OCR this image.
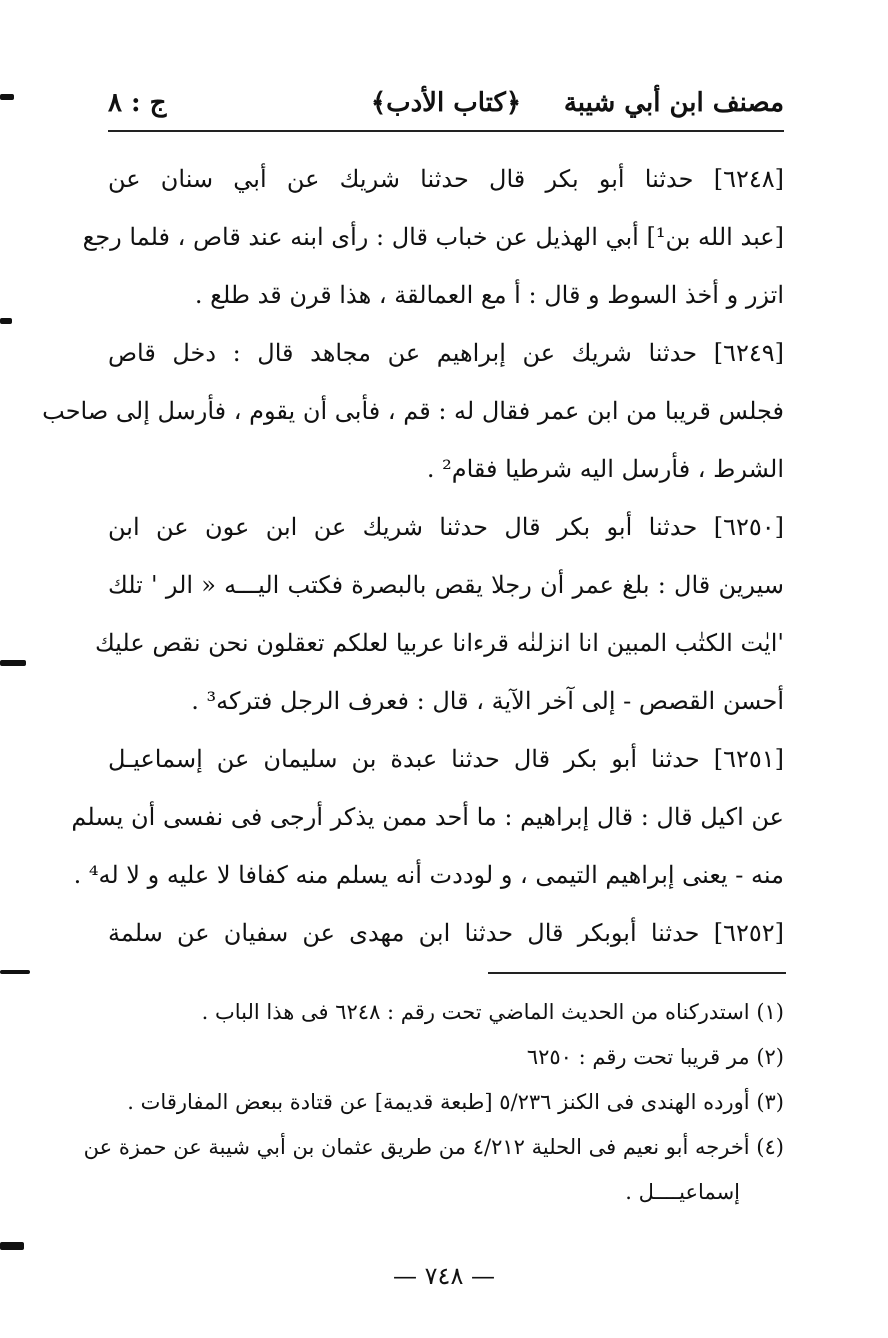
مصنف ابن أبي شيبة
﴿كتاب الأدب﴾
ج : ٨
[٦٢٤٨] حدثنا أبو بكر قال حدثنا شريك عن أبي سنان عن
[عبد الله بن¹] أبي الهذيل عن خباب قال : رأى ابنه عند قاص ، فلما رجع
اتزر و أخذ السوط و قال : أ مع العمالقة ، هذا قرن قد طلع .
[٦٢٤٩] حدثنا شريك عن إبراهيم عن مجاهد قال : دخل قاص
فجلس قريبا من ابن عمر فقال له : قم ، فأبى أن يقوم ، فأرسل إلى صاحب
الشرط ، فأرسل اليه شرطيا فقام² .
[٦٢٥٠] حدثنا أبو بكر قال حدثنا شريك عن ابن عون عن ابن
سيرين قال : بلغ عمر أن رجلا يقص بالبصرة فكتب اليـــه « الر ' تلك
'ايٰت الكتٰب المبين انا انزلنٰه قرءانا عربيا لعلكم تعقلون نحن نقص عليك
أحسن القصص - إلى آخر الآية ، قال : فعرف الرجل فتركه³ .
[٦٢٥١] حدثنا أبو بكر قال حدثنا عبدة بن سليمان عن إسماعيـل
عن اكيل قال : قال إبراهيم : ما أحد ممن يذكر أرجى فى نفسى أن يسلم
منه - يعنى إبراهيم التيمى ، و لوددت أنه يسلم منه كفافا لا عليه و لا له⁴ .
[٦٢٥٢] حدثنا أبوبكر قال حدثنا ابن مهدى عن سفيان عن سلمة
(١) استدركناه من الحديث الماضي تحت رقم : ٦٢٤٨ فى هذا الباب .
(٢) مر قريبا تحت رقم : ٦٢٥٠
(٣) أورده الهندى فى الكنز ٥/٢٣٦ [طبعة قديمة] عن قتادة ببعض المفارقات .
(٤) أخرجه أبو نعيم فى الحلية ٤/٢١٢ من طريق عثمان بن أبي شيبة عن حمزة عن
إسماعيــــل .
— ٧٤٨ —
